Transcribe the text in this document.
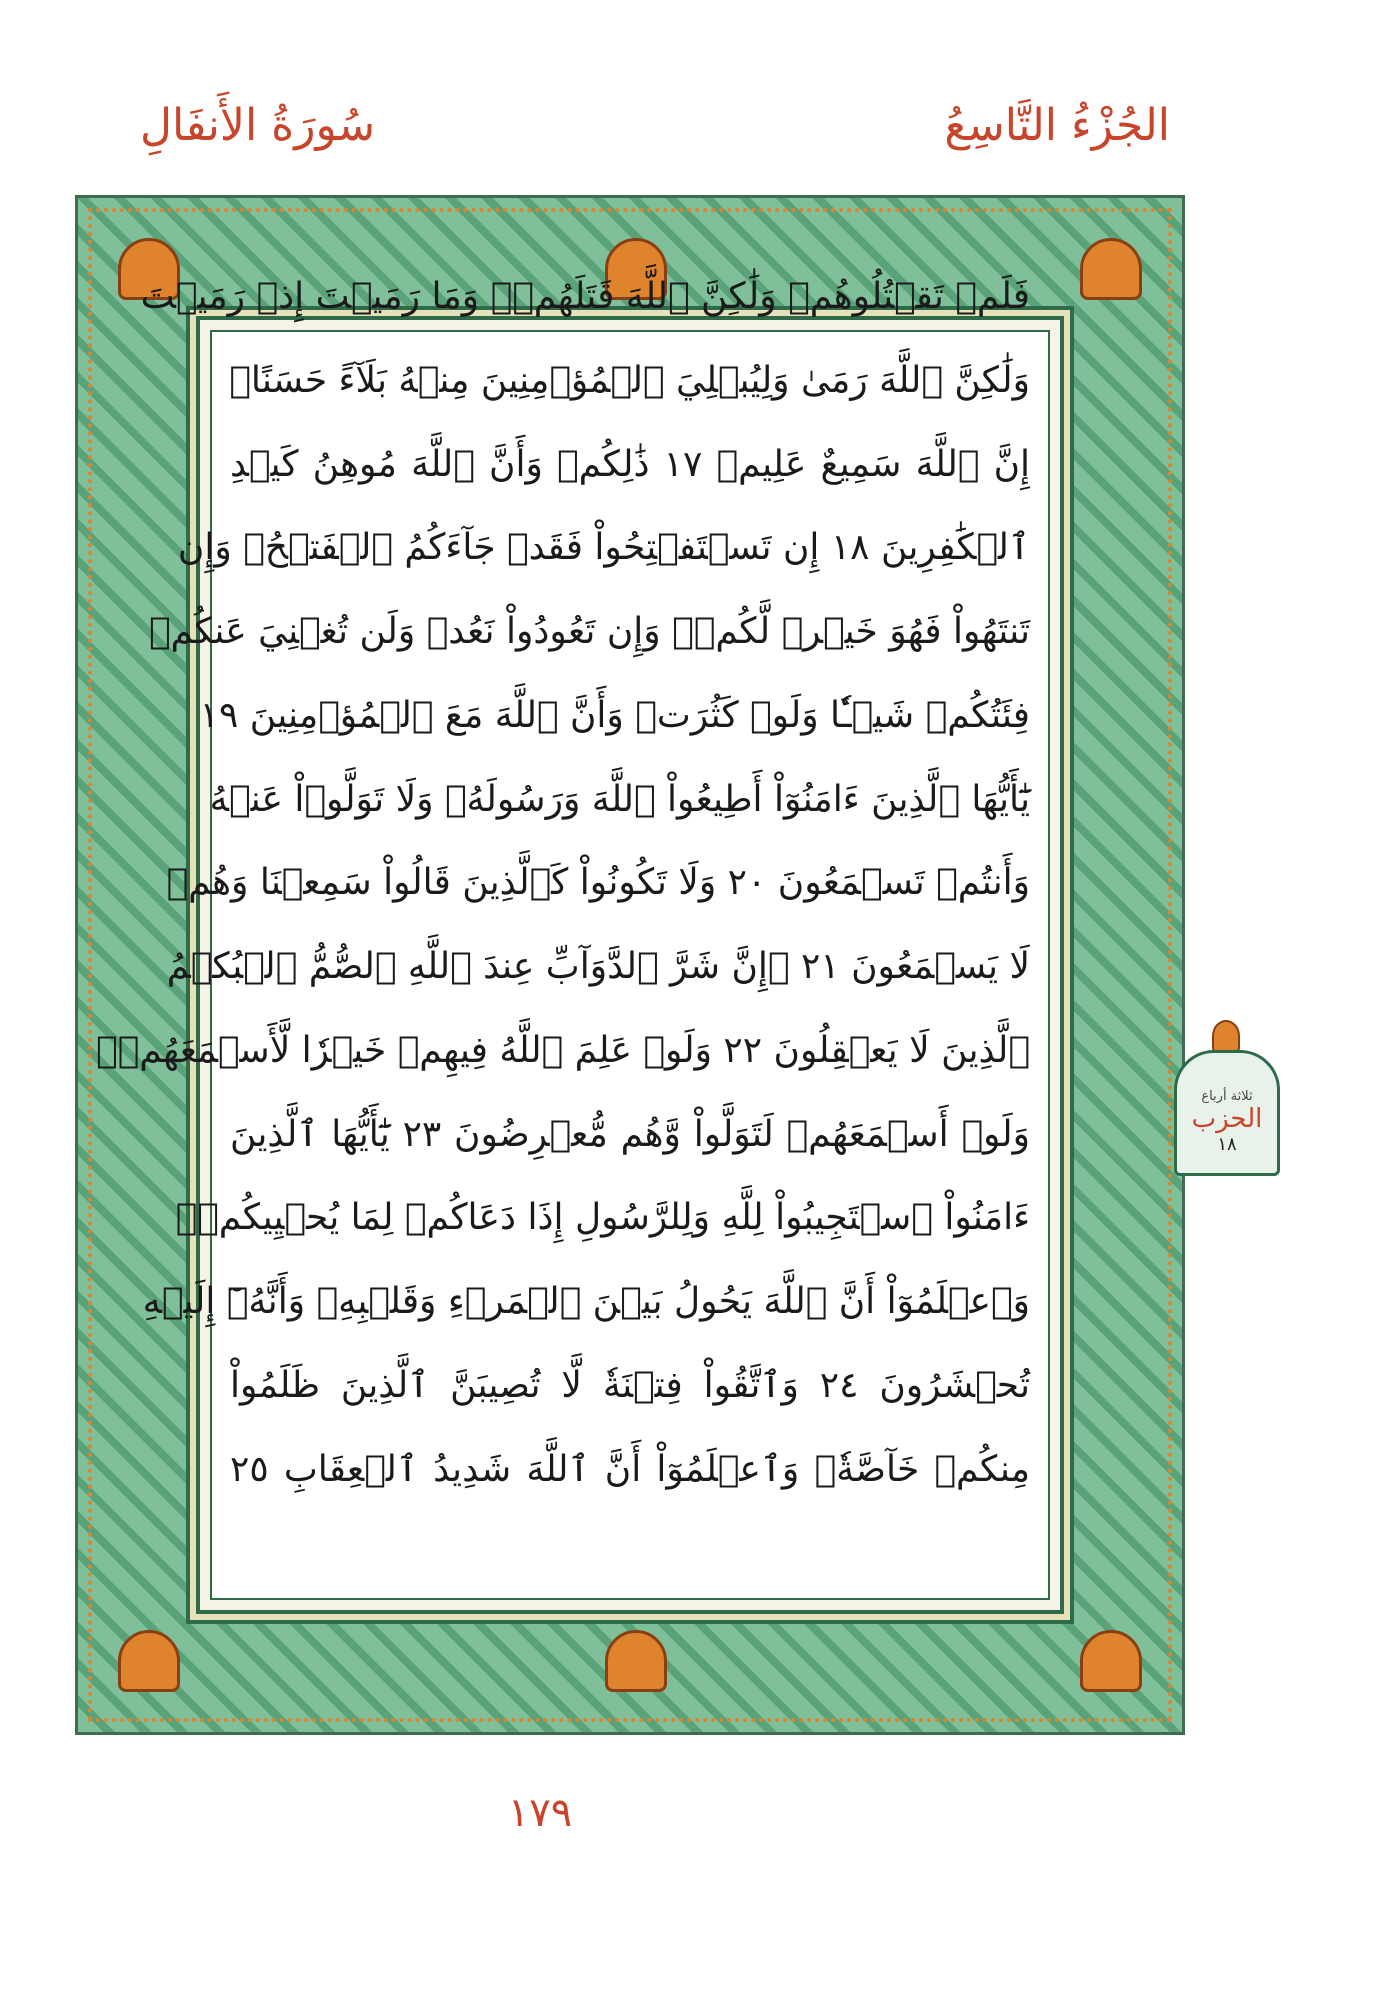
سُورَةُ الأَنفَالِ	الجُزْءُ التَّاسِعُ
فَلَمۡ تَقۡتُلُوهُمۡ وَلَٰكِنَّ ٱللَّهَ قَتَلَهُمۡۚ وَمَا رَمَيۡتَ إِذۡ رَمَيۡتَ
وَلَٰكِنَّ ٱللَّهَ رَمَىٰ وَلِيُبۡلِيَ ٱلۡمُؤۡمِنِينَ مِنۡهُ بَلَآءً حَسَنًاۚ
إِنَّ ٱللَّهَ سَمِيعٌ عَلِيمٞ ١٧ ذَٰلِكُمۡ وَأَنَّ ٱللَّهَ مُوهِنُ كَيۡدِ
ٱلۡكَٰفِرِينَ ١٨ إِن تَسۡتَفۡتِحُواْ فَقَدۡ جَآءَكُمُ ٱلۡفَتۡحُۖ وَإِن
تَنتَهُواْ فَهُوَ خَيۡرٞ لَّكُمۡۖ وَإِن تَعُودُواْ نَعُدۡ وَلَن تُغۡنِيَ عَنكُمۡ
فِئَتُكُمۡ شَيۡـٔٗا وَلَوۡ كَثُرَتۡ وَأَنَّ ٱللَّهَ مَعَ ٱلۡمُؤۡمِنِينَ ١٩
يَٰٓأَيُّهَا ٱلَّذِينَ ءَامَنُوٓاْ أَطِيعُواْ ٱللَّهَ وَرَسُولَهُۥ وَلَا تَوَلَّوۡاْ عَنۡهُ
وَأَنتُمۡ تَسۡمَعُونَ ٢٠ وَلَا تَكُونُواْ كَٱلَّذِينَ قَالُواْ سَمِعۡنَا وَهُمۡ
لَا يَسۡمَعُونَ ٢١ ۞إِنَّ شَرَّ ٱلدَّوَآبِّ عِندَ ٱللَّهِ ٱلصُّمُّ ٱلۡبُكۡمُ
ٱلَّذِينَ لَا يَعۡقِلُونَ ٢٢ وَلَوۡ عَلِمَ ٱللَّهُ فِيهِمۡ خَيۡرٗا لَّأَسۡمَعَهُمۡۖ
وَلَوۡ أَسۡمَعَهُمۡ لَتَوَلَّواْ وَّهُم مُّعۡرِضُونَ ٢٣ يَٰٓأَيُّهَا ٱلَّذِينَ
ءَامَنُواْ ٱسۡتَجِيبُواْ لِلَّهِ وَلِلرَّسُولِ إِذَا دَعَاكُمۡ لِمَا يُحۡيِيكُمۡۖ
وَٱعۡلَمُوٓاْ أَنَّ ٱللَّهَ يَحُولُ بَيۡنَ ٱلۡمَرۡءِ وَقَلۡبِهِۦ وَأَنَّهُۥٓ إِلَيۡهِ
تُحۡشَرُونَ ٢٤ وَٱتَّقُواْ فِتۡنَةٗ لَّا تُصِيبَنَّ ٱلَّذِينَ ظَلَمُواْ
مِنكُمۡ خَآصَّةٗۖ وَٱعۡلَمُوٓاْ أَنَّ ٱللَّهَ شَدِيدُ ٱلۡعِقَابِ ٢٥
ثلاثة أرباع
الحزب
١٨
١٧٩
